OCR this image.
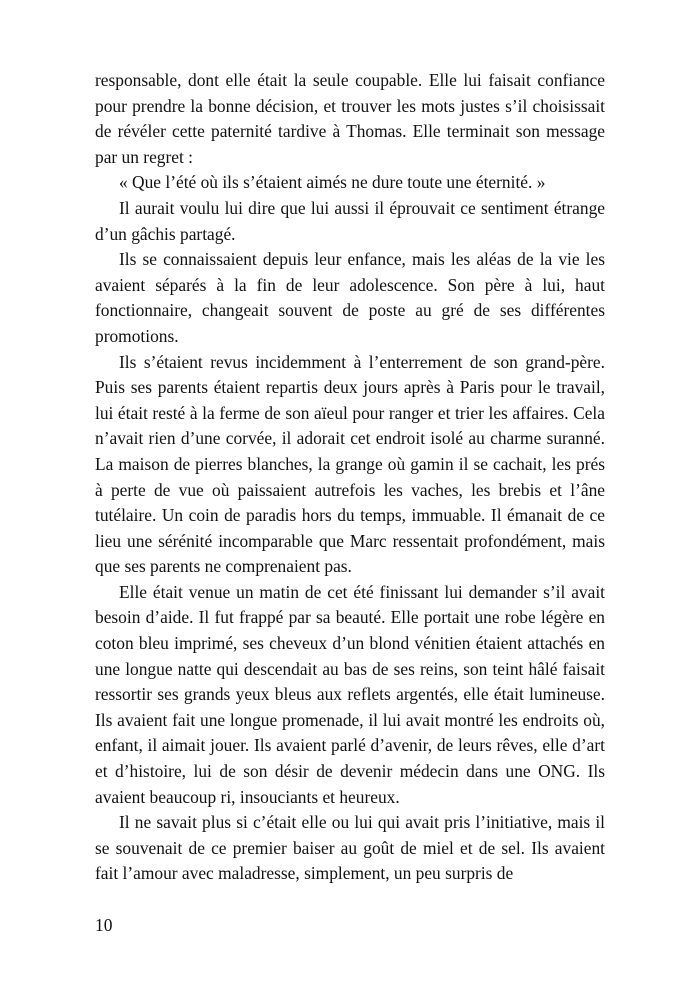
responsable, dont elle était la seule coupable. Elle lui faisait confiance pour prendre la bonne décision, et trouver les mots justes s’il choisissait de révéler cette paternité tardive à Thomas. Elle terminait son message par un regret :

« Que l’été où ils s’étaient aimés ne dure toute une éternité. »

Il aurait voulu lui dire que lui aussi il éprouvait ce sentiment étrange d’un gâchis partagé.

Ils se connaissaient depuis leur enfance, mais les aléas de la vie les avaient séparés à la fin de leur adolescence. Son père à lui, haut fonctionnaire, changeait souvent de poste au gré de ses différentes promotions.

Ils s’étaient revus incidemment à l’enterrement de son grand-père. Puis ses parents étaient repartis deux jours après à Paris pour le travail, lui était resté à la ferme de son aïeul pour ranger et trier les affaires. Cela n’avait rien d’une corvée, il adorait cet endroit isolé au charme suranné. La maison de pierres blanches, la grange où gamin il se cachait, les prés à perte de vue où paissaient autrefois les vaches, les brebis et l’âne tutélaire. Un coin de paradis hors du temps, immuable. Il émanait de ce lieu une sérénité incomparable que Marc ressentait profondément, mais que ses parents ne comprenaient pas.

Elle était venue un matin de cet été finissant lui demander s’il avait besoin d’aide. Il fut frappé par sa beauté. Elle portait une robe légère en coton bleu imprimé, ses cheveux d’un blond vénitien étaient attachés en une longue natte qui descendait au bas de ses reins, son teint hâlé faisait ressortir ses grands yeux bleus aux reflets argentés, elle était lumineuse. Ils avaient fait une longue promenade, il lui avait montré les endroits où, enfant, il aimait jouer. Ils avaient parlé d’avenir, de leurs rêves, elle d’art et d’histoire, lui de son désir de devenir médecin dans une ONG. Ils avaient beaucoup ri, insouciants et heureux.

Il ne savait plus si c’était elle ou lui qui avait pris l’initiative, mais il se souvenait de ce premier baiser au goût de miel et de sel. Ils avaient fait l’amour avec maladresse, simplement, un peu surpris de

10
